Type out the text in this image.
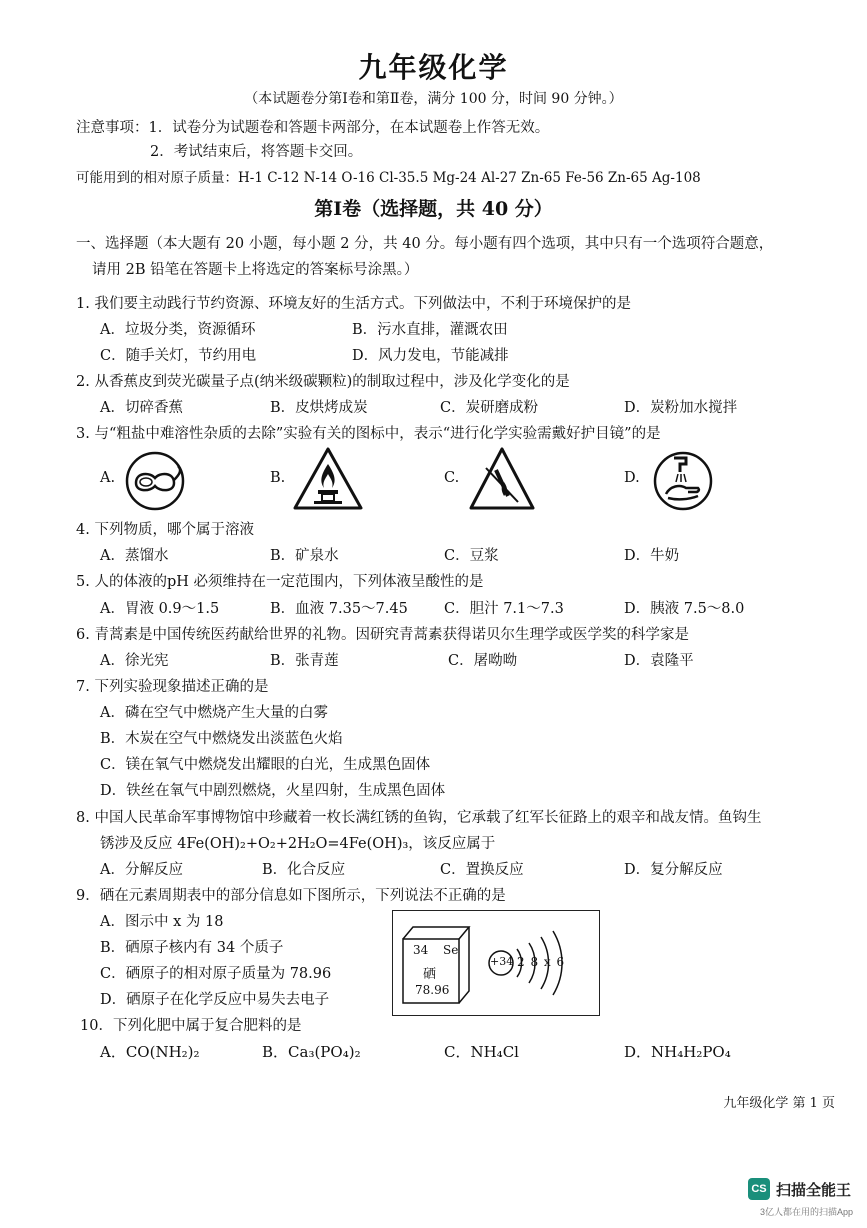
九年级化学
（本试题卷分第Ⅰ卷和第Ⅱ卷，满分 100 分，时间 90 分钟。）
注意事项：1．试卷分为试题卷和答题卡两部分，在本试题卷上作答无效。
2．考试结束后，将答题卡交回。
可能用到的相对原子质量：H-1 C-12 N-14 O-16 Cl-35.5 Mg-24 Al-27 Zn-65 Fe-56 Zn-65 Ag-108
第Ⅰ卷（选择题，共 40 分）
一、选择题（本大题有 20 小题，每小题 2 分，共 40 分。每小题有四个选项，其中只有一个选项符合题意，
请用 2B 铅笔在答题卡上将选定的答案标号涂黑。）
1. 我们要主动践行节约资源、环境友好的生活方式。下列做法中，不利于环境保护的是
A．垃圾分类，资源循环	B．污水直排，灌溉农田
C．随手关灯，节约用电	D．风力发电，节能减排
2. 从香蕉皮到荧光碳量子点(纳米级碳颗粒)的制取过程中，涉及化学变化的是
A．切碎香蕉	B．皮烘烤成炭	C．炭研磨成粉	D．炭粉加水搅拌
3. 与“粗盐中难溶性杂质的去除”实验有关的图标中，表示“进行化学实验需戴好护目镜”的是
A.	B.	C.	D.
4. 下列物质，哪个属于溶液
A．蒸馏水	B．矿泉水	C．豆浆	D．牛奶
5. 人的体液的pH 必须维持在一定范围内，下列体液呈酸性的是
A．胃液 0.9～1.5	B．血液 7.35～7.45 C．胆汁 7.1～7.3	D．胰液 7.5～8.0
6. 青蒿素是中国传统医药献给世界的礼物。因研究青蒿素获得诺贝尔生理学或医学奖的科学家是
A．徐光宪	B．张青莲	C．屠呦呦	D．袁隆平
7. 下列实验现象描述正确的是
A．磷在空气中燃烧产生大量的白雾
B．木炭在空气中燃烧发出淡蓝色火焰
C．镁在氧气中燃烧发出耀眼的白光，生成黑色固体
D．铁丝在氧气中剧烈燃烧，火星四射，生成黑色固体
8. 中国人民革命军事博物馆中珍藏着一枚长满红锈的鱼钩，它承载了红军长征路上的艰辛和战友情。鱼钩生
锈涉及反应 4Fe(OH)₂+O₂+2H₂O=4Fe(OH)₃，该反应属于
A．分解反应	B．化合反应	C．置换反应	D．复分解反应
9．硒在元素周期表中的部分信息如下图所示，下列说法不正确的是
A．图示中 x 为 18
B．硒原子核内有 34 个质子
C．硒原子的相对原子质量为 78.96
D．硒原子在化学反应中易失去电子
34 Se
硒
78.96
+34 2 8 x 6
10．下列化肥中属于复合肥料的是
A．CO(NH₂)₂	B．Ca₃(PO₄)₂	C．NH₄Cl	D．NH₄H₂PO₄
九年级化学 第 1 页
CS 扫描全能王
3亿人都在用的扫描App
